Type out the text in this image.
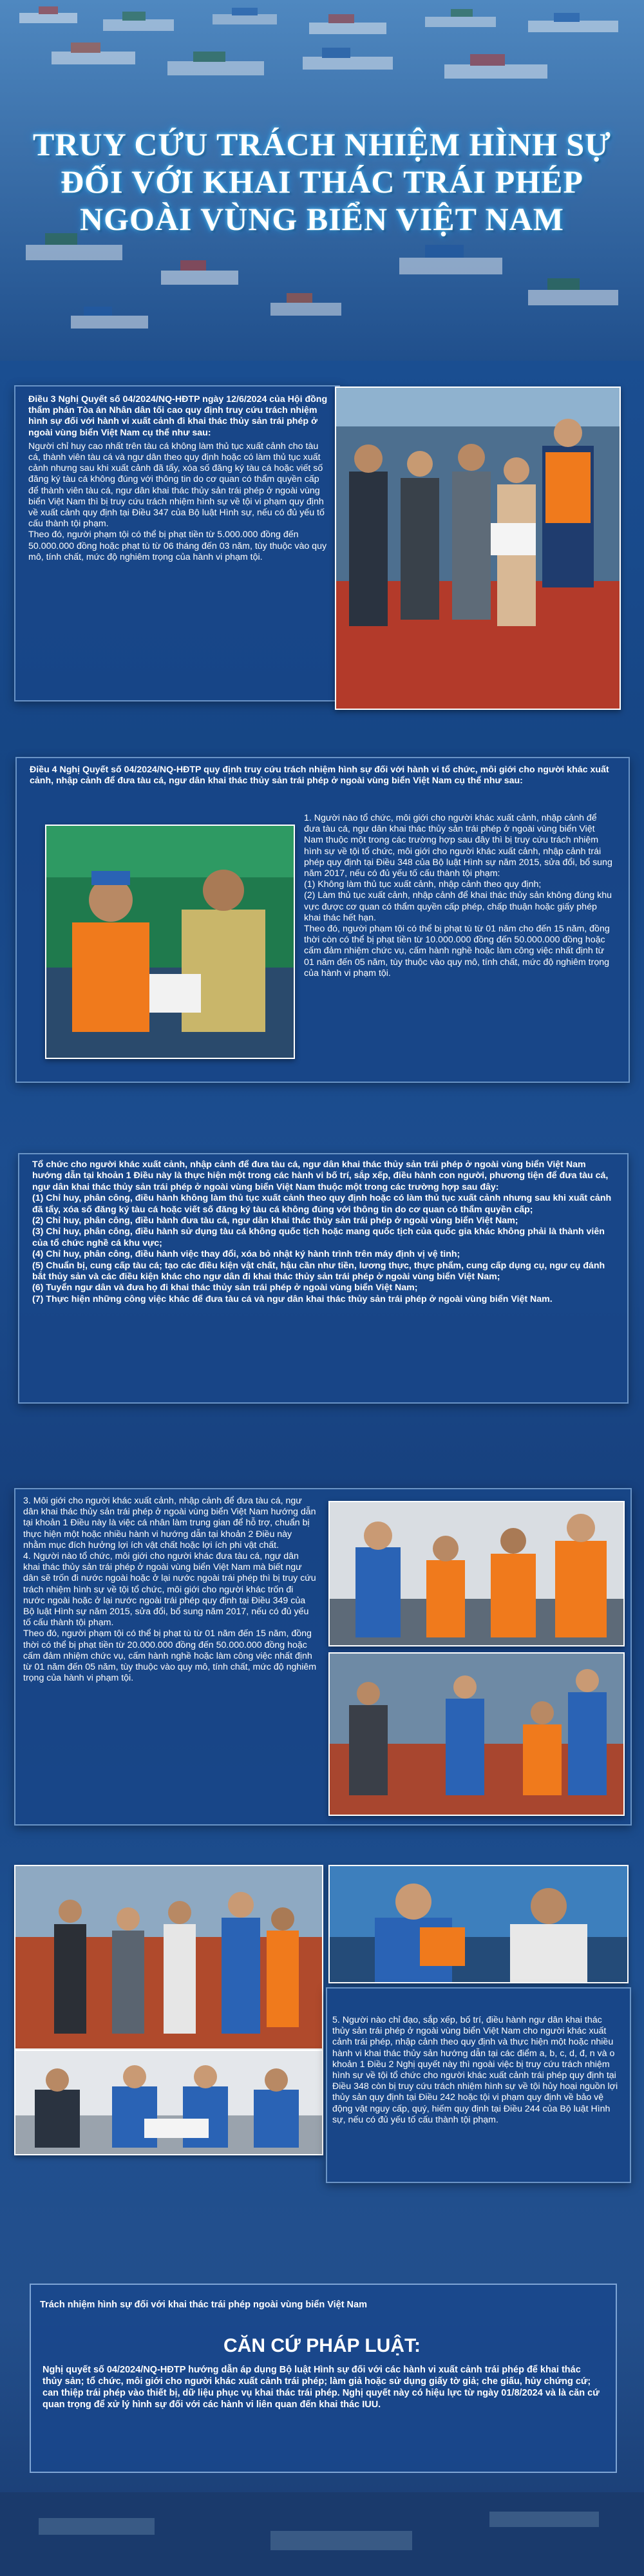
TRUY CỨU TRÁCH NHIỆM HÌNH SỰ
ĐỐI VỚI KHAI THÁC TRÁI PHÉP
NGOÀI VÙNG BIỂN VIỆT NAM
Điều 3 Nghị Quyết số 04/2024/NQ-HĐTP ngày 12/6/2024 của Hội đồng thẩm phán Tòa án Nhân dân tối cao quy định truy cứu trách nhiệm hình sự đối với hành vi xuất cảnh đi khai thác thủy sản trái phép ở ngoài vùng biển Việt Nam cụ thể như sau:

Người chỉ huy cao nhất trên tàu cá không làm thủ tục xuất cảnh cho tàu cá, thành viên tàu cá và ngư dân theo quy định hoặc có làm thủ tục xuất cảnh nhưng sau khi xuất cảnh đã tẩy, xóa số đăng ký tàu cá hoặc viết số đăng ký tàu cá không đúng với thông tin do cơ quan có thẩm quyền cấp để thành viên tàu cá, ngư dân khai thác thủy sản trái phép ở ngoài vùng biển Việt Nam thì bị truy cứu trách nhiệm hình sự về tội vi phạm quy định về xuất cảnh quy định tại Điều 347 của Bộ luật Hình sự, nếu có đủ yếu tố cấu thành tội phạm.

Theo đó, người phạm tội có thể bị phạt tiền từ 5.000.000 đồng đến 50.000.000 đồng hoặc phạt tù từ 06 tháng đến 03 năm, tùy thuộc vào quy mô, tính chất, mức độ nghiêm trọng của hành vi phạm tội.

Điều 4 Nghị Quyết số 04/2024/NQ-HĐTP quy định truy cứu trách nhiệm hình sự đối với hành vi tổ chức, môi giới cho người khác xuất cảnh, nhập cảnh để đưa tàu cá, ngư dân khai thác thủy sản trái phép ở ngoài vùng biển Việt Nam cụ thể như sau:

1. Người nào tổ chức, môi giới cho người khác xuất cảnh, nhập cảnh để đưa tàu cá, ngư dân khai thác thủy sản trái phép ở ngoài vùng biển Việt Nam thuộc một trong các trường hợp sau đây thì bị truy cứu trách nhiệm hình sự về tội tổ chức, môi giới cho người khác xuất cảnh, nhập cảnh trái phép quy định tại Điều 348 của Bộ luật Hình sự năm 2015, sửa đổi, bổ sung năm 2017, nếu có đủ yếu tố cấu thành tội phạm:

(1) Không làm thủ tục xuất cảnh, nhập cảnh theo quy định;

(2) Làm thủ tục xuất cảnh, nhập cảnh để khai thác thủy sản không đúng khu vực được cơ quan có thẩm quyền cấp phép, chấp thuận hoặc giấy phép khai thác hết hạn.

Theo đó, người phạm tội có thể bị phạt tù từ 01 năm cho đến 15 năm, đồng thời còn có thể bị phạt tiền từ 10.000.000 đồng đến 50.000.000 đồng hoặc cấm đảm nhiệm chức vụ, cấm hành nghề hoặc làm công việc nhất định từ 01 năm đến 05 năm, tùy thuộc vào quy mô, tính chất, mức độ nghiêm trọng của hành vi phạm tội.

Tổ chức cho người khác xuất cảnh, nhập cảnh để đưa tàu cá, ngư dân khai thác thủy sản trái phép ở ngoài vùng biển Việt Nam hướng dẫn tại khoản 1 Điều này là thực hiện một trong các hành vi bố trí, sắp xếp, điều hành con người, phương tiện để đưa tàu cá, ngư dân khai thác thủy sản trái phép ở ngoài vùng biển Việt Nam thuộc một trong các trường hợp sau đây:

(1) Chỉ huy, phân công, điều hành không làm thủ tục xuất cảnh theo quy định hoặc có làm thủ tục xuất cảnh nhưng sau khi xuất cảnh đã tẩy, xóa số đăng ký tàu cá hoặc viết số đăng ký tàu cá không đúng với thông tin do cơ quan có thẩm quyền cấp;

(2) Chỉ huy, phân công, điều hành đưa tàu cá, ngư dân khai thác thủy sản trái phép ở ngoài vùng biển Việt Nam;

(3) Chỉ huy, phân công, điều hành sử dụng tàu cá không quốc tịch hoặc mang quốc tịch của quốc gia khác không phải là thành viên của tổ chức nghề cá khu vực;

(4) Chỉ huy, phân công, điều hành việc thay đổi, xóa bỏ nhật ký hành trình trên máy định vị vệ tinh;

(5) Chuẩn bị, cung cấp tàu cá; tạo các điều kiện vật chất, hậu cần như tiền, lương thực, thực phẩm, cung cấp dụng cụ, ngư cụ đánh bắt thủy sản và các điều kiện khác cho ngư dân đi khai thác thủy sản trái phép ở ngoài vùng biển Việt Nam;

(6) Tuyển ngư dân và đưa họ đi khai thác thủy sản trái phép ở ngoài vùng biển Việt Nam;

(7) Thực hiện những công việc khác để đưa tàu cá và ngư dân khai thác thủy sản trái phép ở ngoài vùng biển Việt Nam.

3. Môi giới cho người khác xuất cảnh, nhập cảnh để đưa tàu cá, ngư dân khai thác thủy sản trái phép ở ngoài vùng biển Việt Nam hướng dẫn tại khoản 1 Điều này là việc cá nhân làm trung gian để hỗ trợ, chuẩn bị thực hiện một hoặc nhiều hành vi hướng dẫn tại khoản 2 Điều này nhằm mục đích hưởng lợi ích vật chất hoặc lợi ích phi vật chất.

4. Người nào tổ chức, môi giới cho người khác đưa tàu cá, ngư dân khai thác thủy sản trái phép ở ngoài vùng biển Việt Nam mà biết ngư dân sẽ trốn đi nước ngoài hoặc ở lại nước ngoài trái phép thì bị truy cứu trách nhiệm hình sự về tội tổ chức, môi giới cho người khác trốn đi nước ngoài hoặc ở lại nước ngoài trái phép quy định tại Điều 349 của Bộ luật Hình sự năm 2015, sửa đổi, bổ sung năm 2017, nếu có đủ yếu tố cấu thành tội phạm.

Theo đó, người phạm tội có thể bị phạt tù từ 01 năm đến 15 năm, đồng thời có thể bị phạt tiền từ 20.000.000 đồng đến 50.000.000 đồng hoặc cấm đảm nhiệm chức vụ, cấm hành nghề hoặc làm công việc nhất định từ 01 năm đến 05 năm, tùy thuộc vào quy mô, tính chất, mức độ nghiêm trọng của hành vi phạm tội.

5. Người nào chỉ đạo, sắp xếp, bố trí, điều hành ngư dân khai thác thủy sản trái phép ở ngoài vùng biển Việt Nam cho người khác xuất cảnh trái phép, nhập cảnh theo quy định và thực hiện một hoặc nhiều hành vi khai thác thủy sản hướng dẫn tại các điểm a, b, c, d, đ, n và o khoản 1 Điều 2 Nghị quyết này thì ngoài việc bị truy cứu trách nhiệm hình sự về tội tổ chức cho người khác xuất cảnh trái phép quy định tại Điều 348 còn bị truy cứu trách nhiệm hình sự về tội hủy hoại nguồn lợi thủy sản quy định tại Điều 242 hoặc tội vi phạm quy định về bảo vệ động vật nguy cấp, quý, hiếm quy định tại Điều 244 của Bộ luật Hình sự, nếu có đủ yếu tố cấu thành tội phạm.

Trách nhiệm hình sự đối với khai thác trái phép ngoài vùng biển Việt Nam
CĂN CỨ PHÁP LUẬT:
Nghị quyết số 04/2024/NQ-HĐTP hướng dẫn áp dụng Bộ luật Hình sự đối với các hành vi xuất cảnh trái phép để khai thác thủy sản; tổ chức, môi giới cho người khác xuất cảnh trái phép; làm giả hoặc sử dụng giấy tờ giả; che giấu, hủy chứng cứ; can thiệp trái phép vào thiết bị, dữ liệu phục vụ khai thác trái phép. Nghị quyết này có hiệu lực từ ngày 01/8/2024 và là căn cứ quan trọng để xử lý hình sự đối với các hành vi liên quan đến khai thác IUU.
